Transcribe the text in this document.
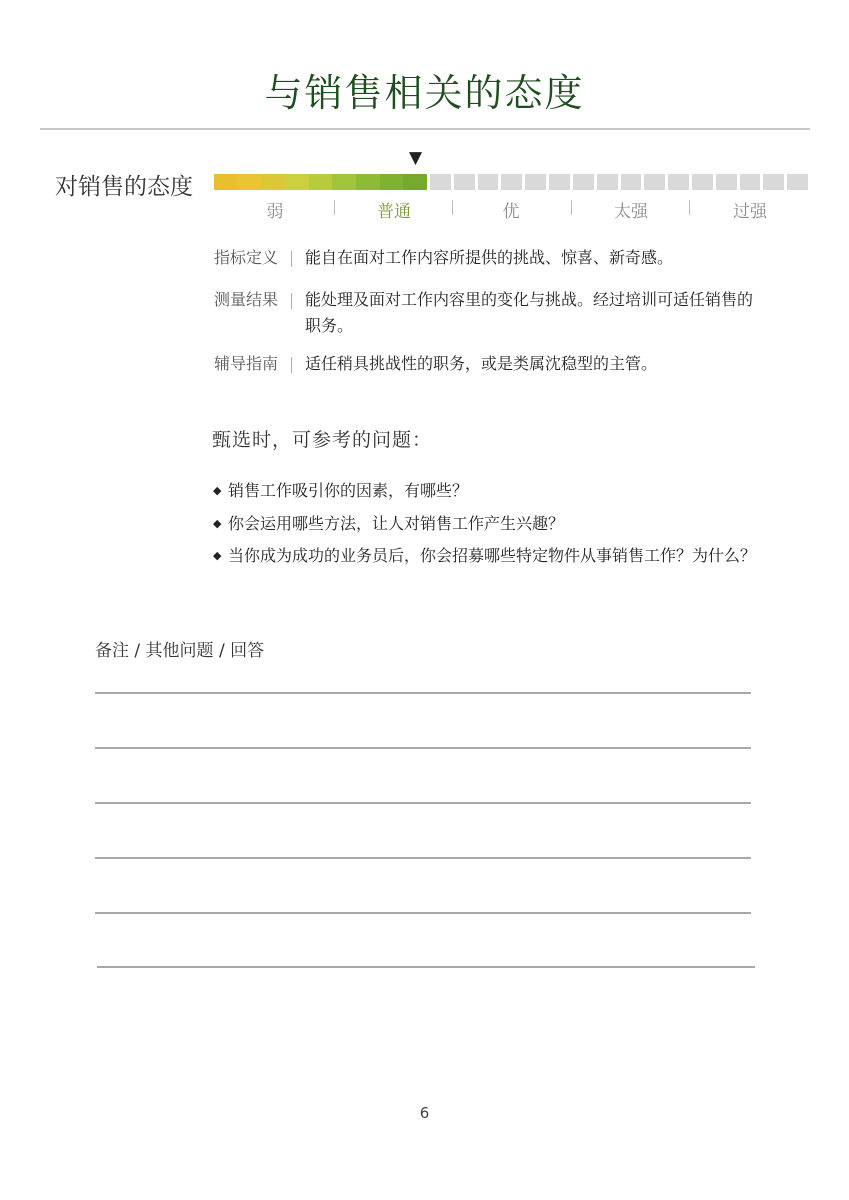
与销售相关的态度
对销售的态度
▼
弱	普通	优	太强	过强
指标定义	能自在面对工作内容所提供的挑战、惊喜、新奇感。
测量结果	能处理及面对工作内容里的变化与挑战。经过培训可适任销售的职务。
辅导指南	适任稍具挑战性的职务，或是类属沈稳型的主管。
甄选时，可参考的问题：
◆ 销售工作吸引你的因素，有哪些？
◆ 你会运用哪些方法，让人对销售工作产生兴趣？
◆ 当你成为成功的业务员后，你会招募哪些特定物件从事销售工作？为什么？
备注 / 其他问题 / 回答
6
